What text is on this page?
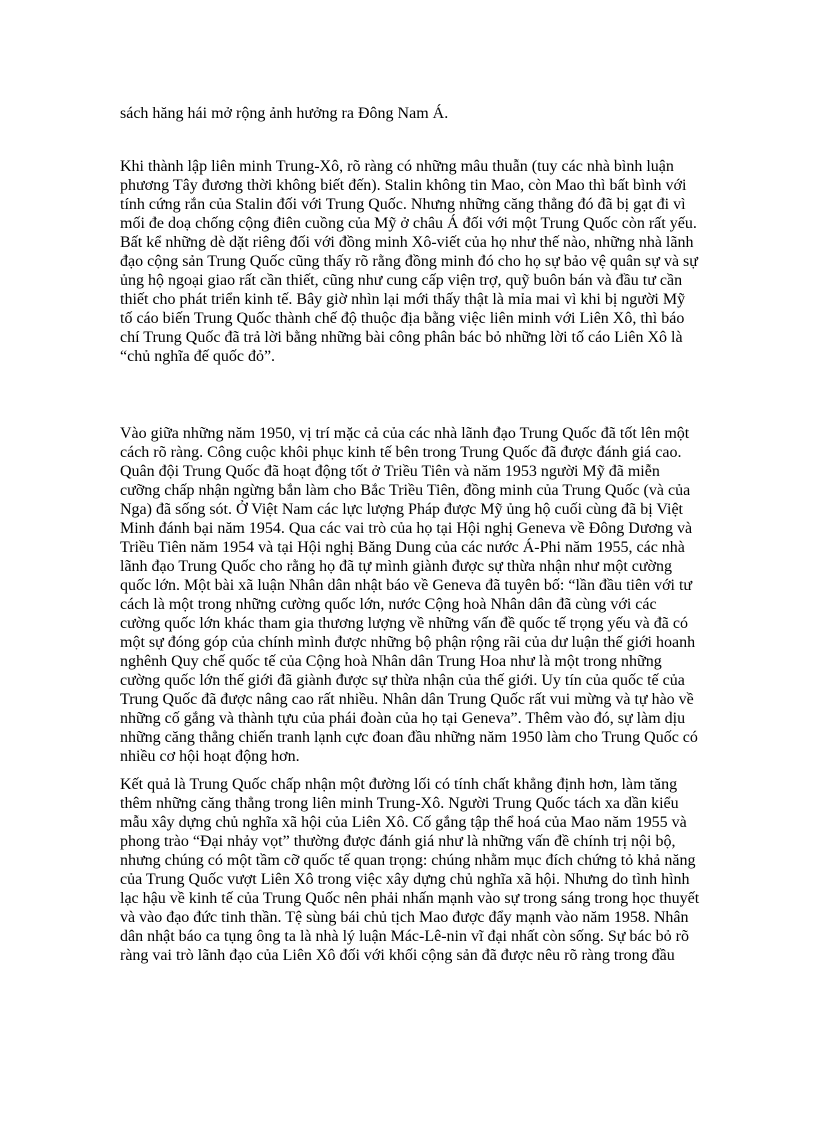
sách hăng hái mở rộng ảnh hưởng ra Đông Nam Á.

Khi thành lập liên minh Trung-Xô, rõ ràng có những mâu thuẫn (tuy các nhà bình luận phương Tây đương thời không biết đến). Stalin không tin Mao, còn Mao thì bất bình với tính cứng rắn của Stalin đối với Trung Quốc. Nhưng những căng thẳng đó đã bị gạt đi vì mối đe doạ chống cộng điên cuồng của Mỹ ở châu Á đối với một Trung Quốc còn rất yếu. Bất kể những dè dặt riêng đối với đồng minh Xô-viết của họ như thế nào, những nhà lãnh đạo cộng sản Trung Quốc cũng thấy rõ rằng đồng minh đó cho họ sự bảo vệ quân sự và sự ủng hộ ngoại giao rất cần thiết, cũng như cung cấp viện trợ, quỹ buôn bán và đầu tư cần thiết cho phát triển kinh tế. Bây giờ nhìn lại mới thấy thật là mỉa mai vì khi bị người Mỹ tố cáo biến Trung Quốc thành chế độ thuộc địa bằng việc liên minh với Liên Xô, thì báo chí Trung Quốc đã trả lời bằng những bài công phân bác bỏ những lời tố cáo Liên Xô là “chủ nghĩa đế quốc đỏ”.

Vào giữa những năm 1950, vị trí mặc cả của các nhà lãnh đạo Trung Quốc đã tốt lên một cách rõ ràng. Công cuộc khôi phục kinh tế bên trong Trung Quốc đã được đánh giá cao. Quân đội Trung Quốc đã hoạt động tốt ở Triều Tiên và năm 1953 người Mỹ đã miễn cưỡng chấp nhận ngừng bắn làm cho Bắc Triều Tiên, đồng minh của Trung Quốc (và của Nga) đã sống sót. Ở Việt Nam các lực lượng Pháp được Mỹ ủng hộ cuối cùng đã bị Việt Minh đánh bại năm 1954. Qua các vai trò của họ tại Hội nghị Geneva về Đông Dương và Triều Tiên năm 1954 và tại Hội nghị Băng Dung của các nước Á-Phi năm 1955, các nhà lãnh đạo Trung Quốc cho rằng họ đã tự mình giành được sự thừa nhận như một cường quốc lớn. Một bài xã luận Nhân dân nhật báo về Geneva đã tuyên bố: “lần đầu tiên với tư cách là một trong những cường quốc lớn, nước Cộng hoà Nhân dân đã cùng với các cường quốc lớn khác tham gia thương lượng về những vấn đề quốc tế trọng yếu và đã có một sự đóng góp của chính mình được những bộ phận rộng rãi của dư luận thế giới hoanh nghênh Quy chế quốc tế của Cộng hoà Nhân dân Trung Hoa như là một trong những cường quốc lớn thế giới đã giành được sự thừa nhận của thế giới. Uy tín của quốc tế của Trung Quốc đã được nâng cao rất nhiều. Nhân dân Trung Quốc rất vui mừng và tự hào về những cố gắng và thành tựu của phái đoàn của họ tại Geneva”. Thêm vào đó, sự làm dịu những căng thẳng chiến tranh lạnh cực đoan đầu những năm 1950 làm cho Trung Quốc có nhiều cơ hội hoạt động hơn.

Kết quả là Trung Quốc chấp nhận một đường lối có tính chất khẳng định hơn, làm tăng thêm những căng thẳng trong liên minh Trung-Xô. Người Trung Quốc tách xa dần kiểu mẫu xây dựng chủ nghĩa xã hội của Liên Xô. Cố gắng tập thể hoá của Mao năm 1955 và phong trào “Đại nhảy vọt” thường được đánh giá như là những vấn đề chính trị nội bộ, nhưng chúng có một tầm cỡ quốc tế quan trọng: chúng nhằm mục đích chứng tỏ khả năng của Trung Quốc vượt Liên Xô trong việc xây dựng chủ nghĩa xã hội. Nhưng do tình hình lạc hậu về kinh tế của Trung Quốc nên phải nhấn mạnh vào sự trong sáng trong học thuyết và vào đạo đức tinh thần. Tệ sùng bái chủ tịch Mao được đẩy mạnh vào năm 1958. Nhân dân nhật báo ca tụng ông ta là nhà lý luận Mác-Lê-nin vĩ đại nhất còn sống. Sự bác bỏ rõ ràng vai trò lãnh đạo của Liên Xô đối với khối cộng sản đã được nêu rõ ràng trong đầu
